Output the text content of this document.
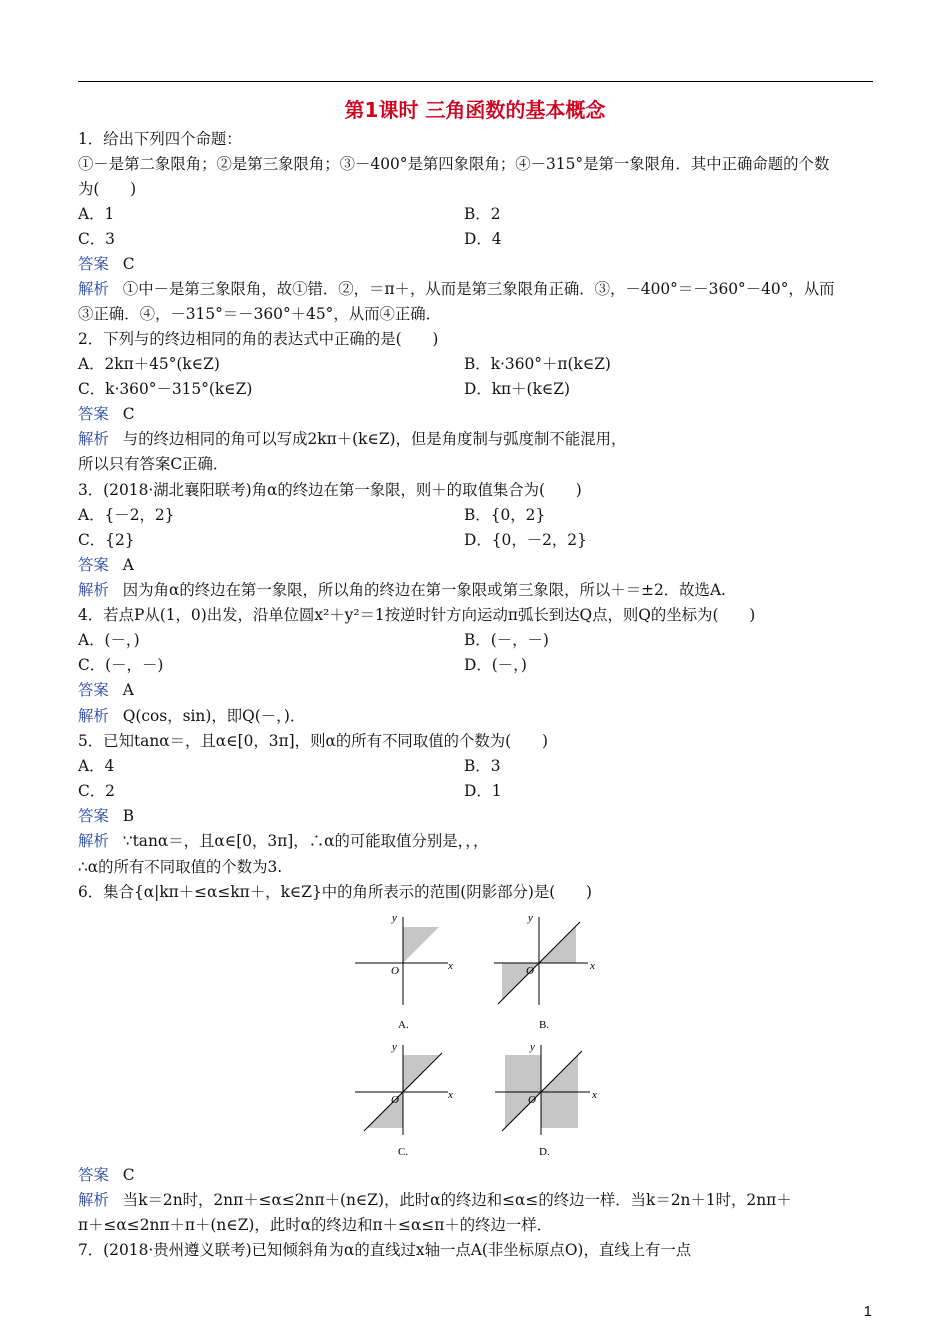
第1课时 三角函数的基本概念
1．给出下列四个命题：
①－是第二象限角；②是第三象限角；③－400°是第四象限角；④－315°是第一象限角．其中正确命题的个数
为(　　)
A．1	B．2
C．3	D．4
答案 C
解析 ①中－是第三象限角，故①错．②，＝π＋，从而是第三象限角正确．③，－400°＝－360°－40°，从而
③正确．④，－315°＝－360°＋45°，从而④正确．
2．下列与的终边相同的角的表达式中正确的是(　　)
A．2kπ＋45°(k∈Z)	B．k·360°＋π(k∈Z)
C．k·360°－315°(k∈Z)	D．kπ＋(k∈Z)
答案 C
解析 与的终边相同的角可以写成2kπ＋(k∈Z)，但是角度制与弧度制不能混用，
所以只有答案C正确．
3．(2018·湖北襄阳联考)角α的终边在第一象限，则＋的取值集合为(　　)
A．{－2，2}	B．{0，2}
C．{2}	D．{0，－2，2}
答案 A
解析 因为角α的终边在第一象限，所以角的终边在第一象限或第三象限，所以＋＝±2．故选A.
4．若点P从(1，0)出发，沿单位圆x²＋y²＝1按逆时针方向运动π弧长到达Q点，则Q的坐标为(　　)
A．(－，)	B．(－，－)
C．(－，－)	D．(－，)
答案 A
解析 Q(cos，sin)，即Q(－，)．
5．已知tanα＝，且α∈[0，3π]，则α的所有不同取值的个数为(　　)
A．4	B．3
C．2	D．1
答案 B
解析 ∵tanα＝，且α∈[0，3π]，∴α的可能取值分别是，，，
∴α的所有不同取值的个数为3.
6．集合{α|kπ＋≤α≤kπ＋，k∈Z}中的角所表示的范围(阴影部分)是(　　)
x
y
O
A.
x
y
O
B.
x
y
O
C.
x
y
O
D.
答案 C
解析 当k＝2n时，2nπ＋≤α≤2nπ＋(n∈Z)，此时α的终边和≤α≤的终边一样．当k＝2n＋1时，2nπ＋
π＋≤α≤2nπ＋π＋(n∈Z)，此时α的终边和π＋≤α≤π＋的终边一样．
7．(2018·贵州遵义联考)已知倾斜角为α的直线过x轴一点A(非坐标原点O)，直线上有一点
1
